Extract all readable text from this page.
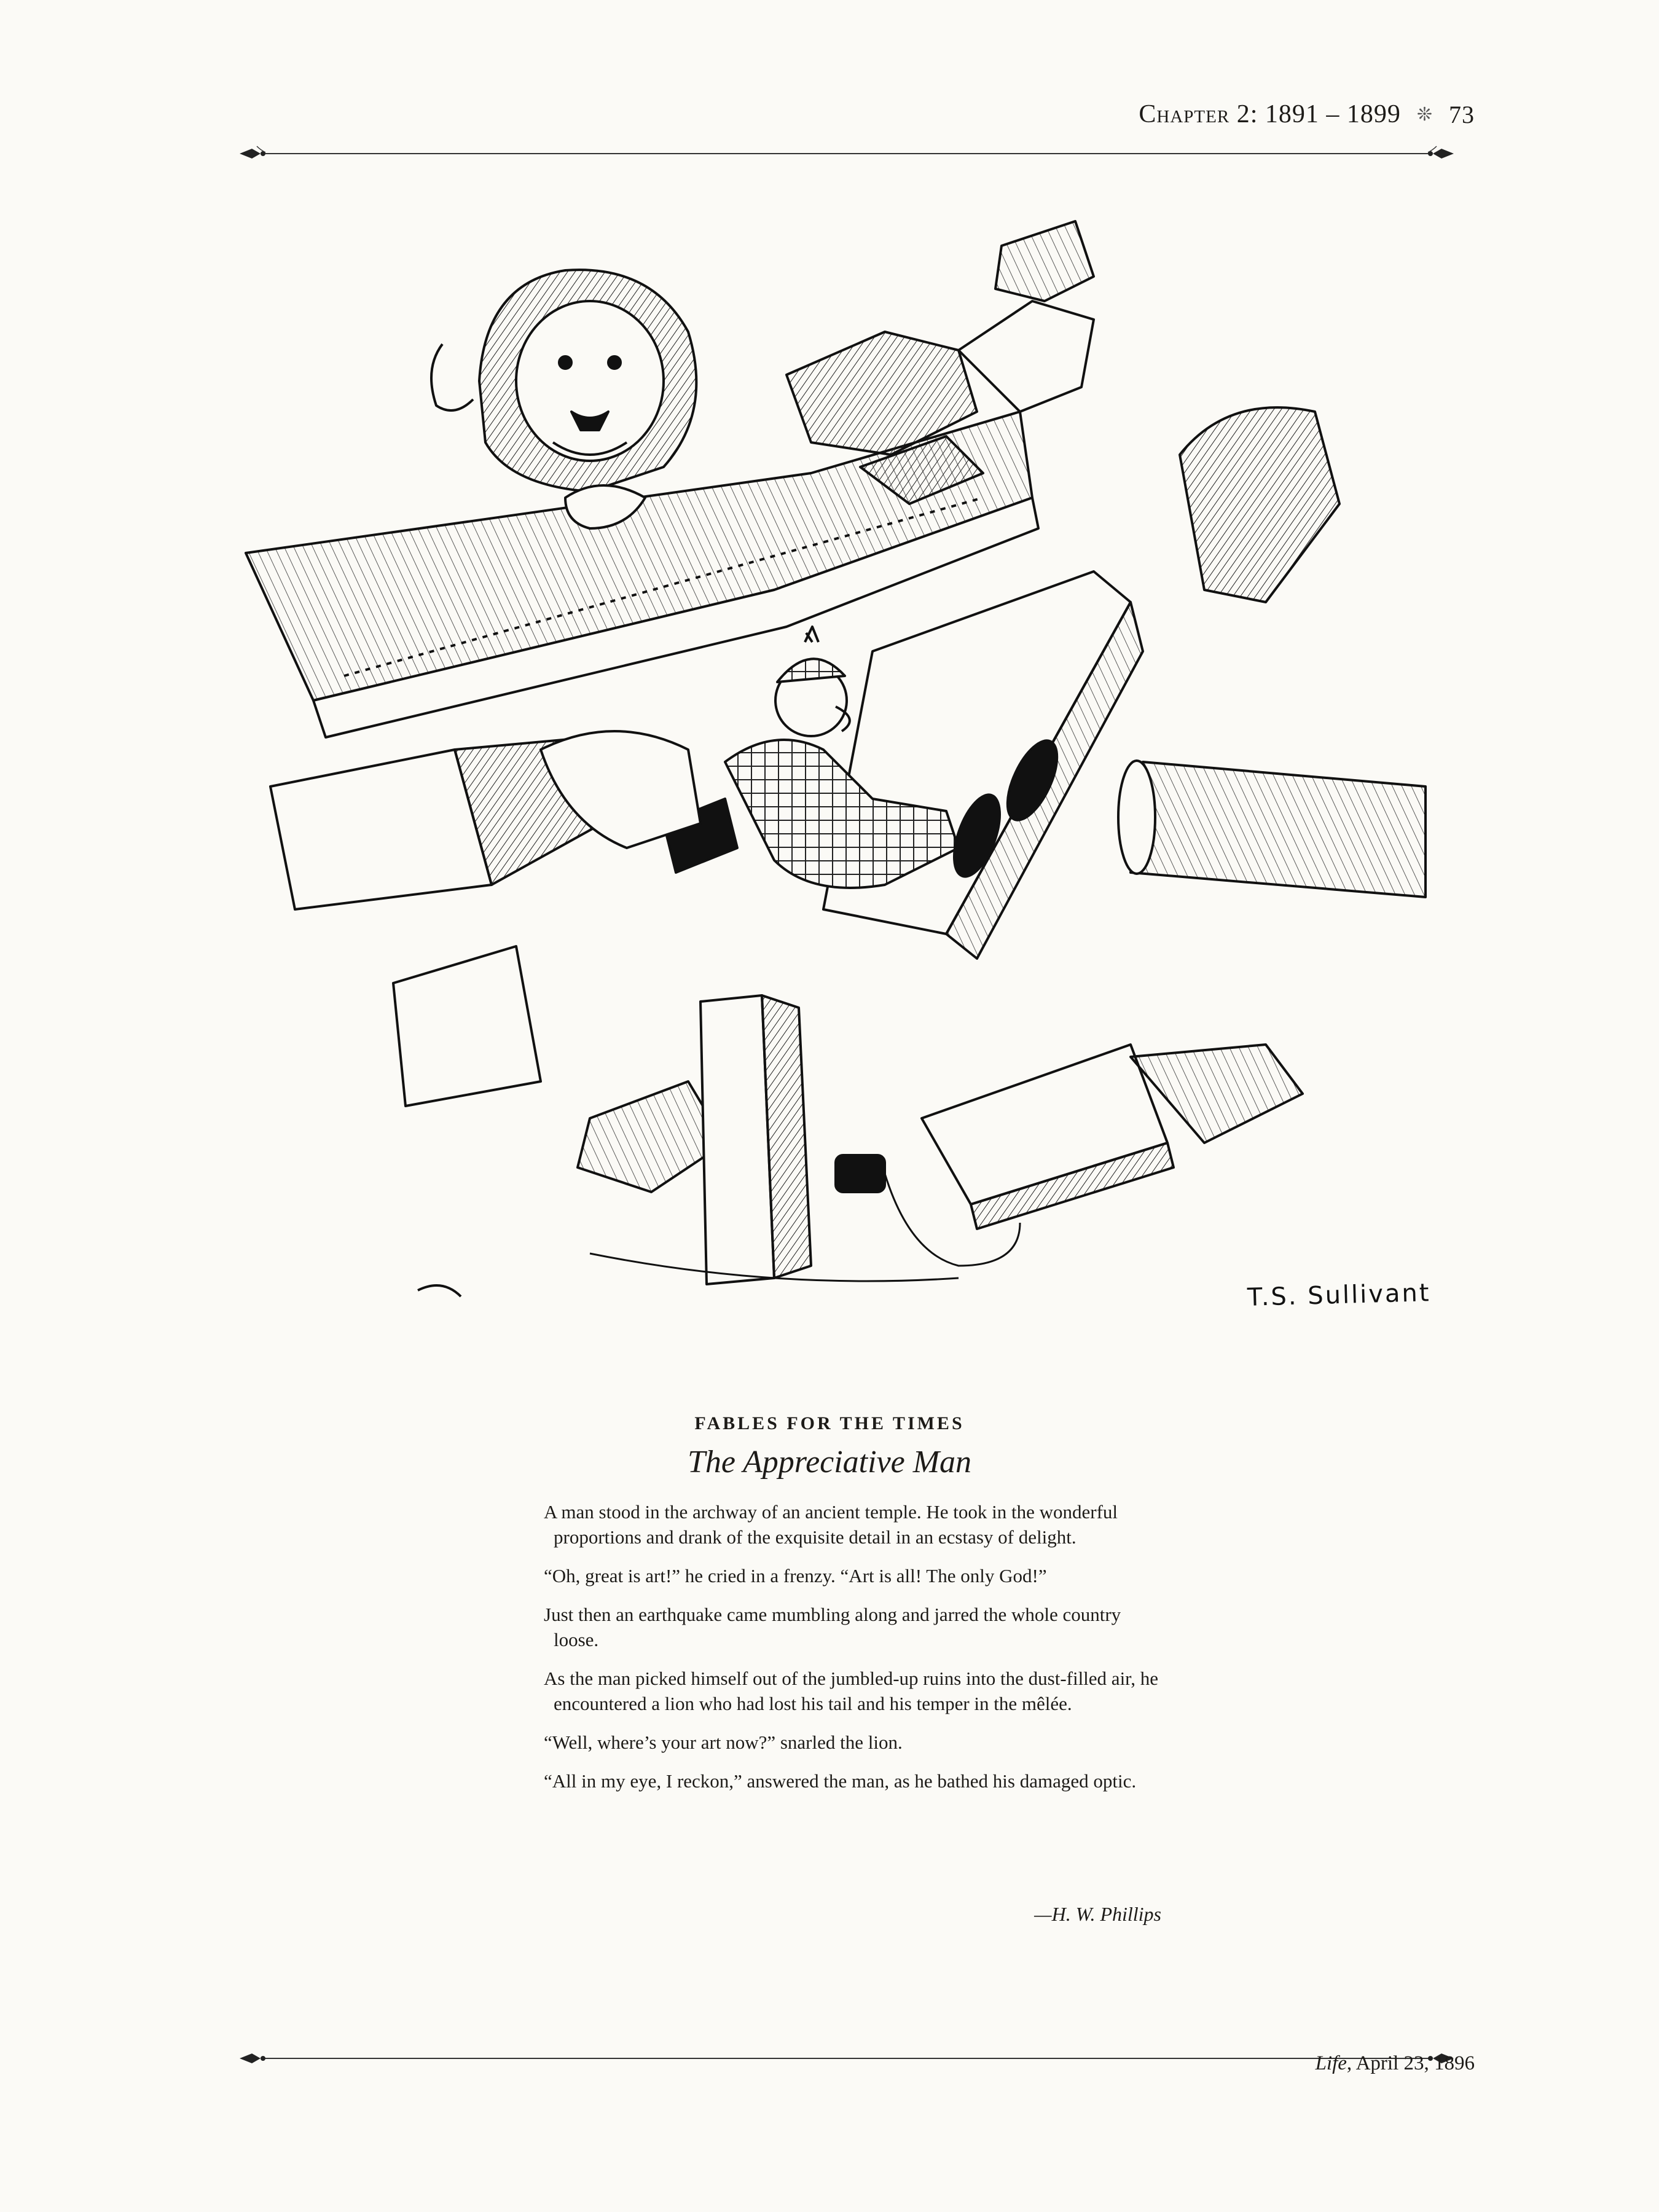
Chapter 2: 1891 – 1899 ❊ 73
T.S. Sullivant
FABLES FOR THE TIMES
The Appreciative Man

A man stood in the archway of an ancient temple. He took in the wonderful proportions and drank of the exquisite detail in an ecstasy of delight.

“Oh, great is art!” he cried in a frenzy. “Art is all! The only God!”

Just then an earthquake came mumbling along and jarred the whole country loose.

As the man picked himself out of the jumbled-up ruins into the dust-filled air, he encountered a lion who had lost his tail and his temper in the mêlée.

“Well, where’s your art now?” snarled the lion.

“All in my eye, I reckon,” answered the man, as he bathed his damaged optic.

—H. W. Phillips
Life, April 23, 1896
